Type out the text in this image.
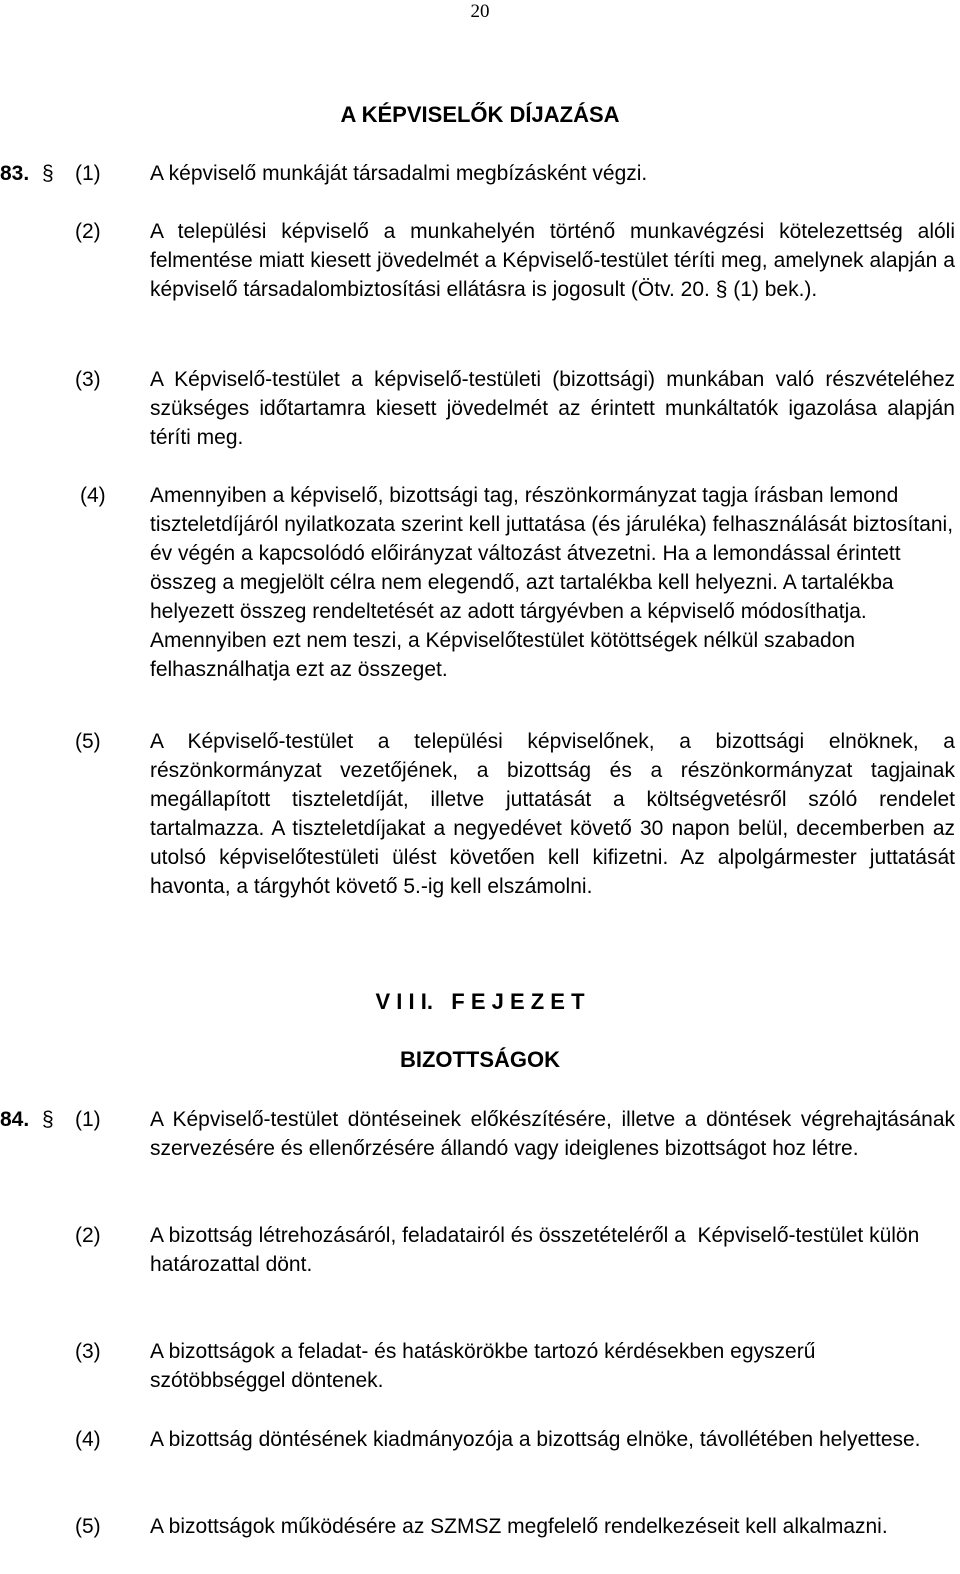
20
A KÉPVISELŐK DÍJAZÁSA
83. § (1) A képviselő munkáját társadalmi megbízásként végzi.
(2) A települési képviselő a munkahelyén történő munkavégzési kötelezettség alóli felmentése miatt kiesett jövedelmét a Képviselő-testület téríti meg, amelynek alapján a képviselő társadalombiztosítási ellátásra is jogosult (Ötv. 20. § (1) bek.).
(3) A Képviselő-testület a képviselő-testületi (bizottsági) munkában való részvételéhez szükséges időtartamra kiesett jövedelmét az érintett munkáltatók igazolása alapján téríti meg.
(4) Amennyiben a képviselő, bizottsági tag, részönkormányzat tagja írásban lemond tiszteletdíjáról nyilatkozata szerint kell juttatása (és járuléka) felhasználását biztosítani, év végén a kapcsolódó előirányzat változást átvezetni. Ha a lemondással érintett összeg a megjelölt célra nem elegendő, azt tartalékba kell helyezni. A tartalékba helyezett összeg rendeltetését az adott tárgyévben a képviselő módosíthatja. Amennyiben ezt nem teszi, a Képviselőtestület kötöttségek nélkül szabadon felhasználhatja ezt az összeget.
(5) A Képviselő-testület a települési képviselőnek, a bizottsági elnöknek, a részönkormányzat vezetőjének, a bizottság és a részönkormányzat tagjainak megállapított tiszteletdíját, illetve juttatását a költségvetésről szóló rendelet tartalmazza. A tiszteletdíjakat a negyedévet követő 30 napon belül, decemberben az utolsó képviselőtestületi ülést követően kell kifizetni. Az alpolgármester juttatását havonta, a tárgyhót követő 5.-ig kell elszámolni.
V I I I.   F E J E Z E T
BIZOTTSÁGOK
84. § (1) A Képviselő-testület döntéseinek előkészítésére, illetve a döntések végrehajtásának szervezésére és ellenőrzésére állandó vagy ideiglenes bizottságot hoz létre.
(2) A bizottság létrehozásáról, feladatairól és összetételéről a  Képviselő-testület külön határozattal dönt.
(3) A bizottságok a feladat- és hatáskörökbe tartozó kérdésekben egyszerű szótöbbséggel döntenek.
(4) A bizottság döntésének kiadmányozója a bizottság elnöke, távollétében helyettese.
(5) A bizottságok működésére az SZMSZ megfelelő rendelkezéseit kell alkalmazni.
